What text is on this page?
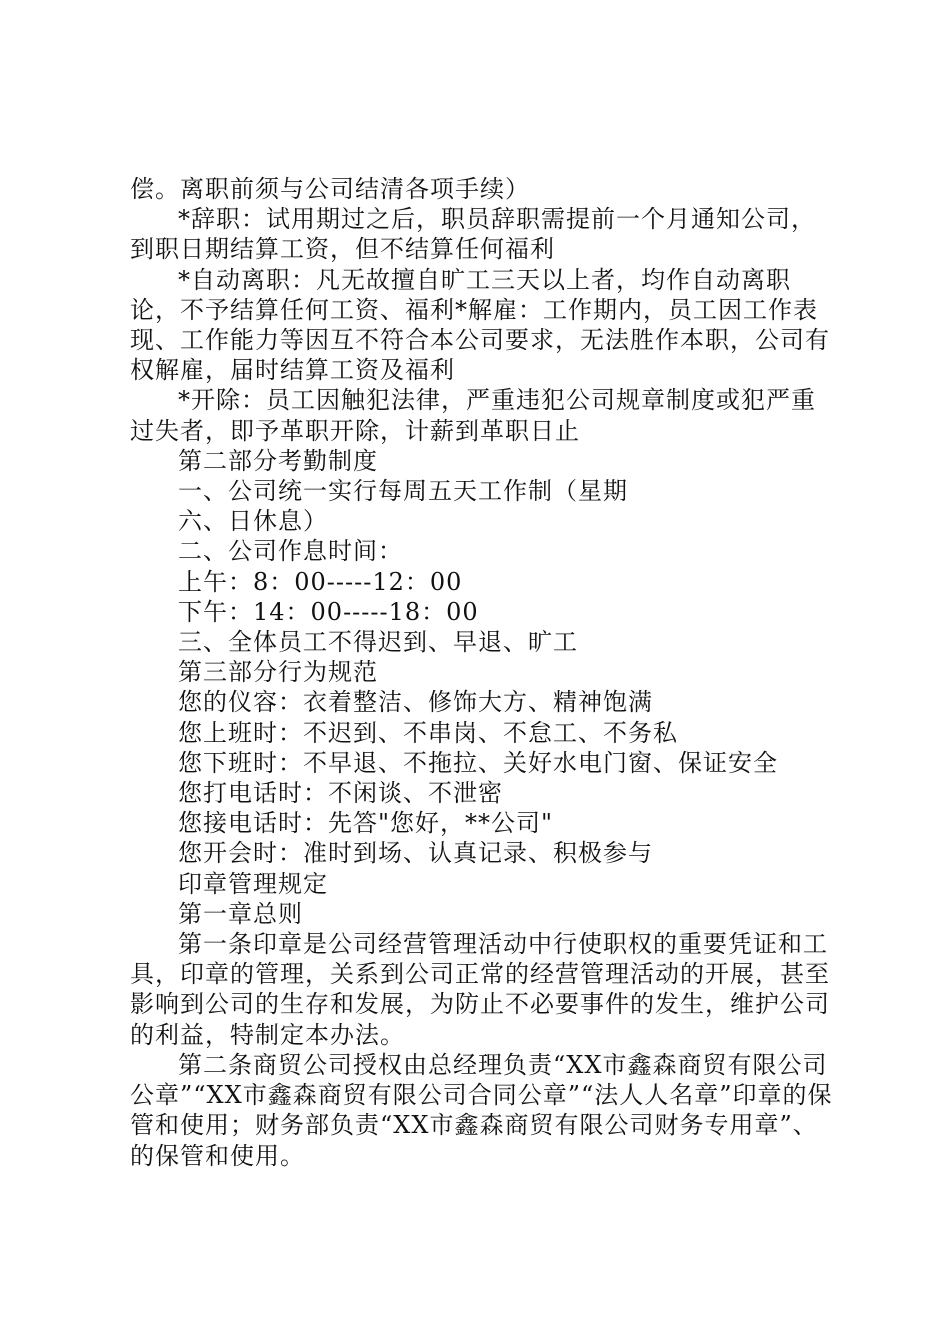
偿。离职前须与公司结清各项手续）

*辞职：试用期过之后，职员辞职需提前一个月通知公司，到职日期结算工资，但不结算任何福利

*自动离职：凡无故擅自旷工三天以上者，均作自动离职论，不予结算任何工资、福利*解雇：工作期内，员工因工作表现、工作能力等因互不符合本公司要求，无法胜作本职，公司有权解雇，届时结算工资及福利

*开除：员工因触犯法律，严重违犯公司规章制度或犯严重过失者，即予革职开除，计薪到革职日止

第二部分考勤制度

一、公司统一实行每周五天工作制（星期

六、日休息）

二、公司作息时间：

上午：8：00-----12：00

下午：14：00-----18：00

三、全体员工不得迟到、早退、旷工

第三部分行为规范

您的仪容：衣着整洁、修饰大方、精神饱满

您上班时：不迟到、不串岗、不怠工、不务私

您下班时：不早退、不拖拉、关好水电门窗、保证安全

您打电话时：不闲谈、不泄密

您接电话时：先答"您好，**公司"

您开会时：准时到场、认真记录、积极参与

印章管理规定

第一章总则

第一条印章是公司经营管理活动中行使职权的重要凭证和工具，印章的管理，关系到公司正常的经营管理活动的开展，甚至影响到公司的生存和发展，为防止不必要事件的发生，维护公司的利益，特制定本办法。

第二条商贸公司授权由总经理负责“XX市鑫森商贸有限公司公章”“XX市鑫森商贸有限公司合同公章”“法人人名章”印章的保管和使用；财务部负责“XX市鑫森商贸有限公司财务专用章”、的保管和使用。
